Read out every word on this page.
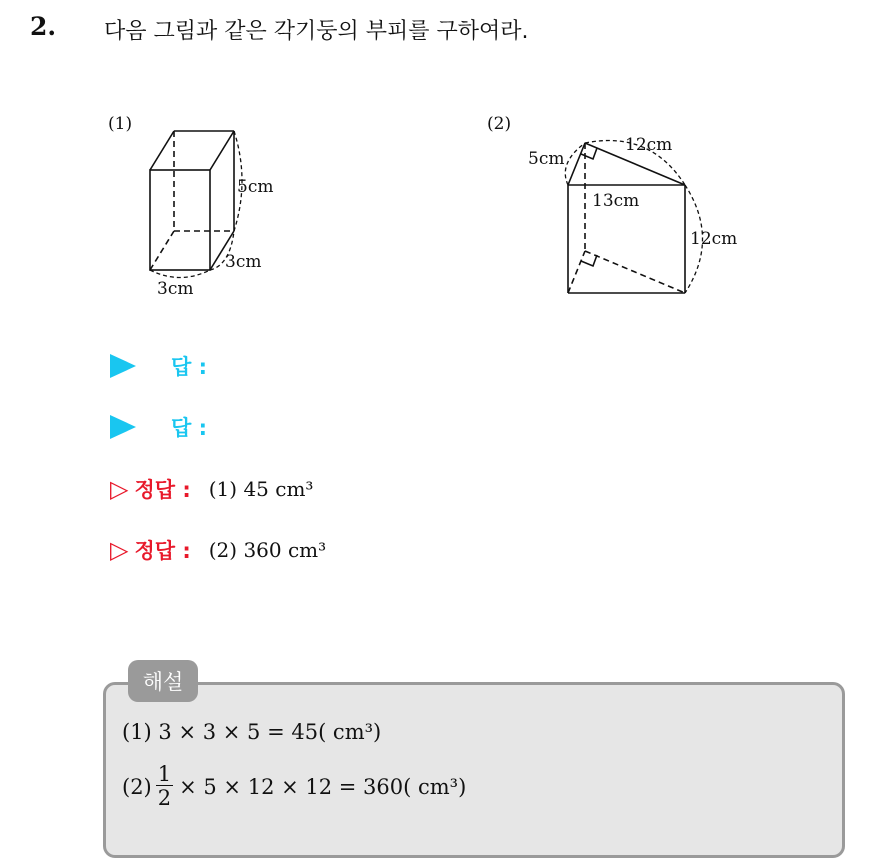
2. 다음 그림과 같은 각기둥의 부피를 구하여라.
(1)
5cm
3cm
3cm
(2)
5cm
12cm
13cm
12cm
답 :
답 :
▷ 정답 : (1) 45 cm³
▷ 정답 : (2) 360 cm³
해설
(1) 3 × 3 × 5 = 45( cm³)
$(2) \frac{1}{2} \times 5 \times 12 \times 12 = 360$( cm³)
